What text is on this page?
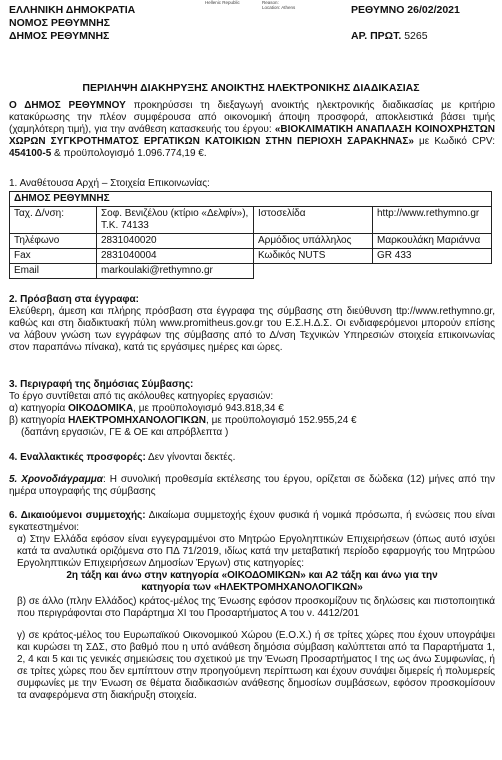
Hellenic Republic	Reason:
Location: Athens
ΕΛΛΗΝΙΚΗ ΔΗΜΟΚΡΑΤΙΑ
ΝΟΜΟΣ ΡΕΘΥΜΝΗΣ
ΔΗΜΟΣ ΡΕΘΥΜΝΗΣ
ΡΕΘΥΜΝΟ 26/02/2021
ΑΡ. ΠΡΩΤ. 5265
ΠΕΡΙΛΗΨΗ ΔΙΑΚΗΡΥΞΗΣ ΑΝΟΙΚΤΗΣ ΗΛΕΚΤΡΟΝΙΚΗΣ ΔΙΑΔΙΚΑΣΙΑΣ
Ο ΔΗΜΟΣ ΡΕΘΥΜΝΟΥ προκηρύσσει τη διεξαγωγή ανοικτής ηλεκτρονικής διαδικασίας με κριτήριο κατακύρωσης την πλέον συμφέρουσα από οικονομική άποψη προσφορά, αποκλειστικά βάσει τιμής (χαμηλότερη τιμή), για την ανάθεση κατασκευής του έργου: «ΒΙΟΚΛΙΜΑΤΙΚΗ ΑΝΑΠΛΑΣΗ ΚΟΙΝΟΧΡΗΣΤΩΝ ΧΩΡΩΝ ΣΥΓΚΡΟΤΗΜΑΤΟΣ ΕΡΓΑΤΙΚΩΝ ΚΑΤΟΙΚΙΩΝ ΣΤΗΝ ΠΕΡΙΟΧΗ ΣΑΡΑΚΗΝΑΣ» με Κωδικό CPV: 454100-5 & προϋπολογισμό 1.096.774,19 €.
1. Αναθέτουσα Αρχή – Στοιχεία Επικοινωνίας:
ΔΗΜΟΣ ΡΕΘΥΜΝΗΣ			
Ταχ. Δ/νση:	Σοφ. Βενιζέλου (κτίριο «Δελφίν»), Τ.Κ. 74133	Ιστοσελίδα	http://www.rethymno.gr
Τηλέφωνο	2831040020	Αρμόδιος υπάλληλος	Μαρκουλάκη Μαριάννα
Fax	2831040004	Κωδικός NUTS	GR 433
Email	markoulaki@rethymno.gr		
2. Πρόσβαση στα έγγραφα:
Ελεύθερη, άμεση και πλήρης πρόσβαση στα έγγραφα της σύμβασης στη διεύθυνση ttp://www.rethymno.gr, καθώς και στη διαδικτυακή πύλη www.promitheus.gov.gr του Ε.Σ.Η.Δ.Σ. Οι ενδιαφερόμενοι μπορούν επίσης να λάβουν γνώση των εγγράφων της σύμβασης από το Δ/νση Τεχνικών Υπηρεσιών στοιχεία επικοινωνίας στον παραπάνω πίνακα), κατά τις εργάσιμες ημέρες και ώρες.
3. Περιγραφή της δημόσιας Σύμβασης:
Το έργο συντίθεται από τις ακόλουθες κατηγορίες εργασιών:
α) κατηγορία ΟΙΚΟΔΟΜΙΚΑ, με προϋπολογισμό 943.818,34 €
β) κατηγορία ΗΛΕΚΤΡΟΜΗΧΑΝΟΛΟΓΙΚΩΝ, με προϋπολογισμό 152.955,24 €
(δαπάνη εργασιών, ΓΕ & ΟΕ και απρόβλεπτα )
4. Εναλλακτικές προσφορές: Δεν γίνονται δεκτές.
5. Χρονοδιάγραμμα: Η συνολική προθεσμία εκτέλεσης του έργου, ορίζεται σε δώδεκα (12) μήνες από την ημέρα υπογραφής της σύμβασης
6. Δικαιούμενοι συμμετοχής: Δικαίωμα συμμετοχής έχουν φυσικά ή νομικά πρόσωπα, ή ενώσεις που είναι εγκατεστημένοι:
α) Στην Ελλάδα εφόσον είναι εγγεγραμμένοι στο Μητρώο Εργοληπτικών Επιχειρήσεων (όπως αυτό ισχύει κατά τα αναλυτικά οριζόμενα στο ΠΔ 71/2019, ιδίως κατά την μεταβατική περίοδο εφαρμογής του Μητρώου Εργοληπτικών Επιχειρήσεων Δημοσίων Έργων) στις κατηγορίες:
2η τάξη και άνω στην κατηγορία «ΟΙΚΟΔΟΜΙΚΩΝ» και Α2 τάξη και άνω για την
κατηγορία των «ΗΛΕΚΤΡΟΜΗΧΑΝΟΛΟΓΙΚΩΝ»
β) σε άλλο (πλην Ελλάδος) κράτος-μέλος της Ένωσης εφόσον προσκομίζουν τις δηλώσεις και πιστοποιητικά που περιγράφονται στο Παράρτημα XI του Προσαρτήματος Α του ν. 4412/201
γ) σε κράτος-μέλος του Ευρωπαϊκού Οικονομικού Χώρου (Ε.Ο.Χ.) ή σε τρίτες χώρες που έχουν υπογράψει και κυρώσει τη ΣΔΣ, στο βαθμό που η υπό ανάθεση δημόσια σύμβαση καλύπτεται από τα Παραρτήματα 1, 2, 4 και 5 και τις γενικές σημειώσεις του σχετικού με την Ένωση Προσαρτήματος I της ως άνω Συμφωνίας, ή σε τρίτες χώρες που δεν εμπίπτουν στην προηγούμενη περίπτωση και έχουν συνάψει διμερείς ή πολυμερείς συμφωνίες με την Ένωση σε θέματα διαδικασιών ανάθεσης δημοσίων συμβάσεων, εφόσον προσκομίσουν τα αναφερόμενα στη διακήρυξη στοιχεία.
